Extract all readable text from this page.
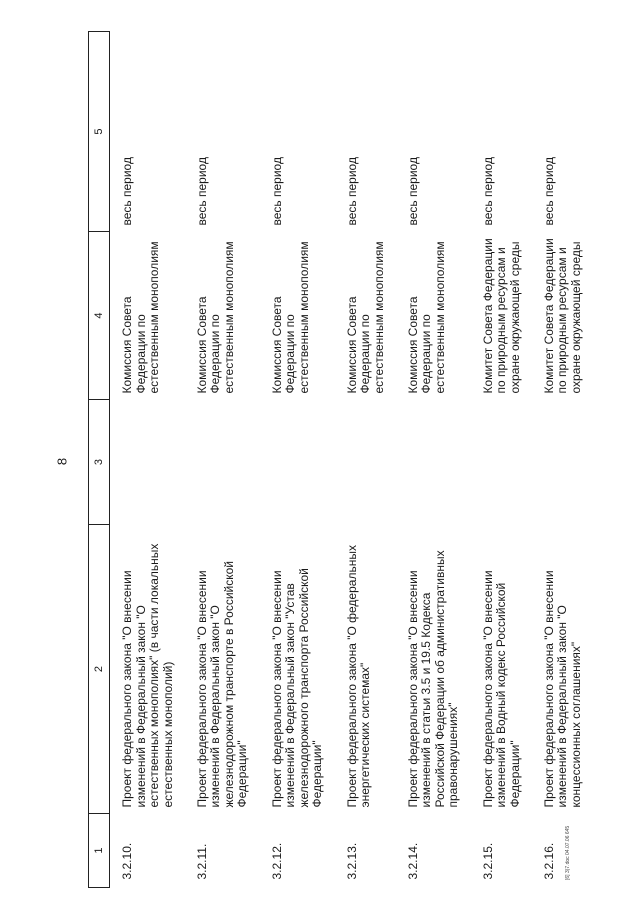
8
1	2	3	4	5
3.2.10.	Проект федерального закона "О внесении изменений в Федеральный закон "О естественных монополиях" (в части локальных естественных монополий)		Комиссия Совета Федерации по естественным монополиям	весь период
3.2.11.	Проект федерального закона "О внесении изменений в Федеральный закон "О железнодорожном транспорте в Российской Федерации"		Комиссия Совета Федерации по естественным монополиям	весь период
3.2.12.	Проект федерального закона "О внесении изменений в Федеральный закон "Устав железнодорожного транспорта Российской Федерации"		Комиссия Совета Федерации по естественным монополиям	весь период
3.2.13.	Проект федерального закона "О федеральных энергетических системах"		Комиссия Совета Федерации по естественным монополиям	весь период
3.2.14.	Проект федерального закона "О внесении изменений в статьи 3.5 и 19.5 Кодекса Российской Федерации об административных правонарушениях"		Комиссия Совета Федерации по естественным монополиям	весь период
3.2.15.	Проект федерального закона "О внесении изменений в Водный кодекс Российской Федерации"		Комитет Совета Федерации по природным ресурсам и охране окружающей среды	весь период
3.2.16.	Проект федерального закона "О внесении изменений в Федеральный закон "О концессионных соглашениях"		Комитет Совета Федерации по природным ресурсам и охране окружающей среды	весь период
[6] 3)7.doc 04.07.06 645
